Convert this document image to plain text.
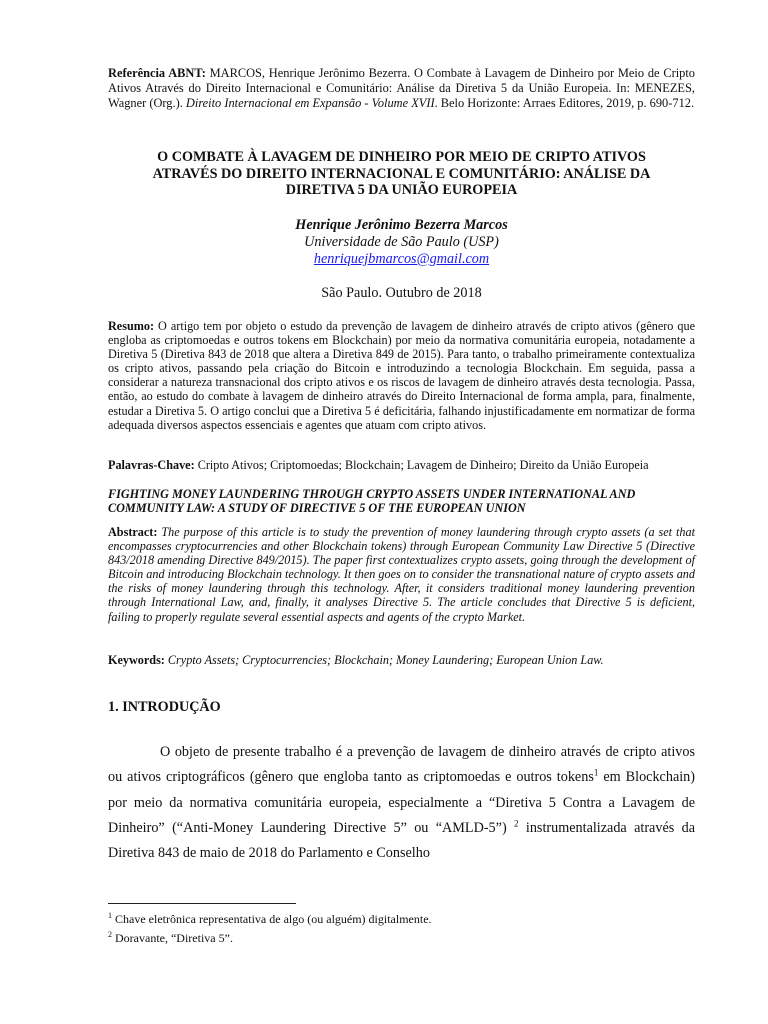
Referência ABNT: MARCOS, Henrique Jerônimo Bezerra. O Combate à Lavagem de Dinheiro por Meio de Cripto Ativos Através do Direito Internacional e Comunitário: Análise da Diretiva 5 da União Europeia. In: MENEZES, Wagner (Org.). Direito Internacional em Expansão - Volume XVII. Belo Horizonte: Arraes Editores, 2019, p. 690-712.
O COMBATE À LAVAGEM DE DINHEIRO POR MEIO DE CRIPTO ATIVOS
ATRAVÉS DO DIREITO INTERNACIONAL E COMUNITÁRIO: ANÁLISE DA
DIRETIVA 5 DA UNIÃO EUROPEIA
Henrique Jerônimo Bezerra Marcos
Universidade de São Paulo (USP)
henriquejbmarcos@gmail.com
São Paulo. Outubro de 2018
Resumo: O artigo tem por objeto o estudo da prevenção de lavagem de dinheiro através de cripto ativos (gênero que engloba as criptomoedas e outros tokens em Blockchain) por meio da normativa comunitária europeia, notadamente a Diretiva 5 (Diretiva 843 de 2018 que altera a Diretiva 849 de 2015). Para tanto, o trabalho primeiramente contextualiza os cripto ativos, passando pela criação do Bitcoin e introduzindo a tecnologia Blockchain. Em seguida, passa a considerar a natureza transnacional dos cripto ativos e os riscos de lavagem de dinheiro através desta tecnologia. Passa, então, ao estudo do combate à lavagem de dinheiro através do Direito Internacional de forma ampla, para, finalmente, estudar a Diretiva 5. O artigo conclui que a Diretiva 5 é deficitária, falhando injustificadamente em normatizar de forma adequada diversos aspectos essenciais e agentes que atuam com cripto ativos.
Palavras-Chave: Cripto Ativos; Criptomoedas; Blockchain; Lavagem de Dinheiro; Direito da União Europeia
FIGHTING MONEY LAUNDERING THROUGH CRYPTO ASSETS UNDER INTERNATIONAL AND
COMMUNITY LAW: A STUDY OF DIRECTIVE 5 OF THE EUROPEAN UNION
Abstract: The purpose of this article is to study the prevention of money laundering through crypto assets (a set that encompasses cryptocurrencies and other Blockchain tokens) through European Community Law Directive 5 (Directive 843/2018 amending Directive 849/2015). The paper first contextualizes crypto assets, going through the development of Bitcoin and introducing Blockchain technology. It then goes on to consider the transnational nature of crypto assets and the risks of money laundering through this technology. After, it considers traditional money laundering prevention through International Law, and, finally, it analyses Directive 5. The article concludes that Directive 5 is deficient, failing to properly regulate several essential aspects and agents of the crypto Market.
Keywords: Crypto Assets; Cryptocurrencies; Blockchain; Money Laundering; European Union Law.
1. INTRODUÇÃO
O objeto de presente trabalho é a prevenção de lavagem de dinheiro através de cripto ativos ou ativos criptográficos (gênero que engloba tanto as criptomoedas e outros tokens$^1$ em Blockchain) por meio da normativa comunitária europeia, especialmente a “Diretiva 5 Contra a Lavagem de Dinheiro” (“Anti-Money Laundering Directive 5” ou “AMLD-5”) $^2$ instrumentalizada através da Diretiva 843 de maio de 2018 do Parlamento e Conselho
$^1$ Chave eletrônica representativa de algo (ou alguém) digitalmente.
$^2$ Doravante, “Diretiva 5”.
